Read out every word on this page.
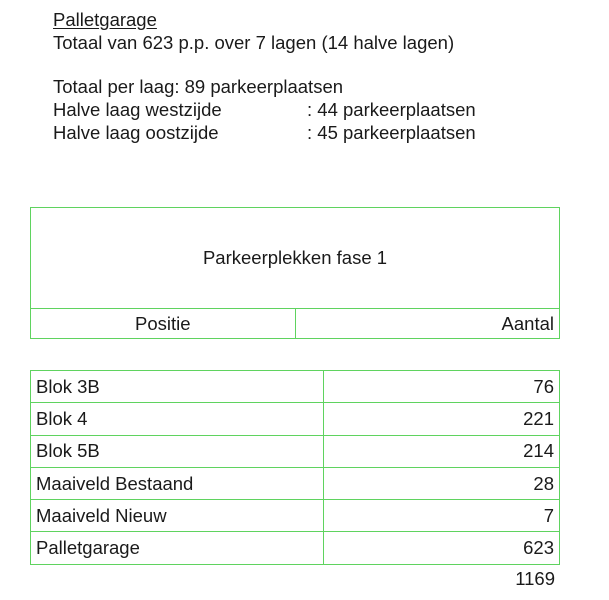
Palletgarage
Totaal van 623 p.p. over 7 lagen (14 halve lagen)
Totaal per laag: 89 parkeerplaatsen
Halve laag westzijde	: 44 parkeerplaatsen
Halve laag oostzijde	: 45 parkeerplaatsen
Parkeerplekken fase 1
Positie	Aantal
Blok 3B	76
Blok 4	221
Blok 5B	214
Maaiveld Bestaand	28
Maaiveld Nieuw	7
Palletgarage	623
1169
